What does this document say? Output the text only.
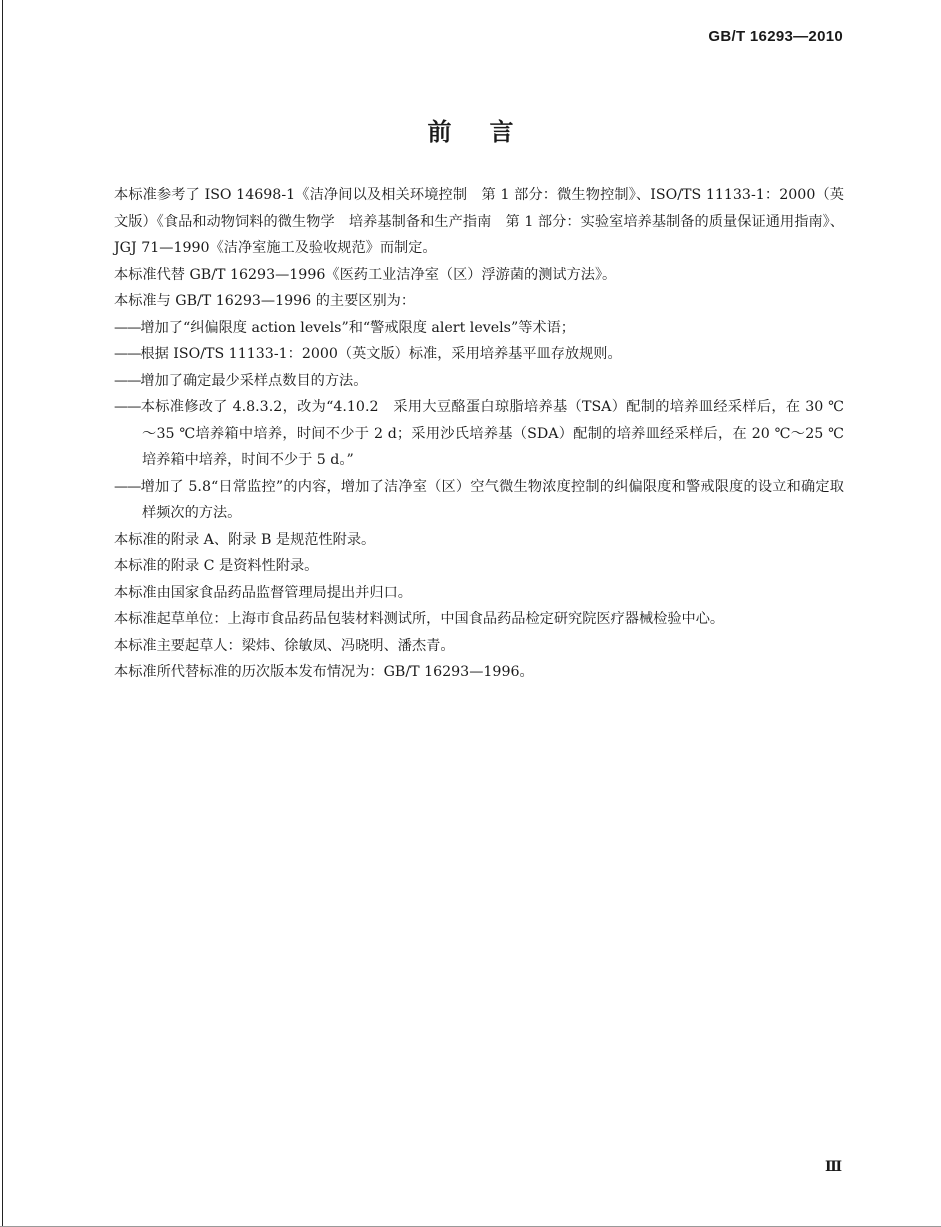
GB/T 16293—2010
前言

本标准参考了 ISO 14698-1《洁净间以及相关环境控制　第 1 部分：微生物控制》、ISO/TS 11133-1：2000（英文版）《食品和动物饲料的微生物学　培养基制备和生产指南　第 1 部分：实验室培养基制备的质量保证通用指南》、JGJ 71—1990《洁净室施工及验收规范》而制定。

本标准代替 GB/T 16293—1996《医药工业洁净室（区）浮游菌的测试方法》。

本标准与 GB/T 16293—1996 的主要区别为：

——增加了“纠偏限度 action levels”和“警戒限度 alert levels”等术语；

——根据 ISO/TS 11133-1：2000（英文版）标准，采用培养基平皿存放规则。

——增加了确定最少采样点数目的方法。

——本标准修改了 4.8.3.2，改为“4.10.2　采用大豆酪蛋白琼脂培养基（TSA）配制的培养皿经采样后，在 30 ℃～35 ℃培养箱中培养，时间不少于 2 d；采用沙氏培养基（SDA）配制的培养皿经采样后，在 20 ℃～25 ℃培养箱中培养，时间不少于 5 d。”

——增加了 5.8“日常监控”的内容，增加了洁净室（区）空气微生物浓度控制的纠偏限度和警戒限度的设立和确定取样频次的方法。

本标准的附录 A、附录 B 是规范性附录。

本标准的附录 C 是资料性附录。

本标准由国家食品药品监督管理局提出并归口。

本标准起草单位：上海市食品药品包装材料测试所，中国食品药品检定研究院医疗器械检验中心。

本标准主要起草人：梁炜、徐敏凤、冯晓明、潘杰青。

本标准所代替标准的历次版本发布情况为：GB/T 16293—1996。

Ⅲ
